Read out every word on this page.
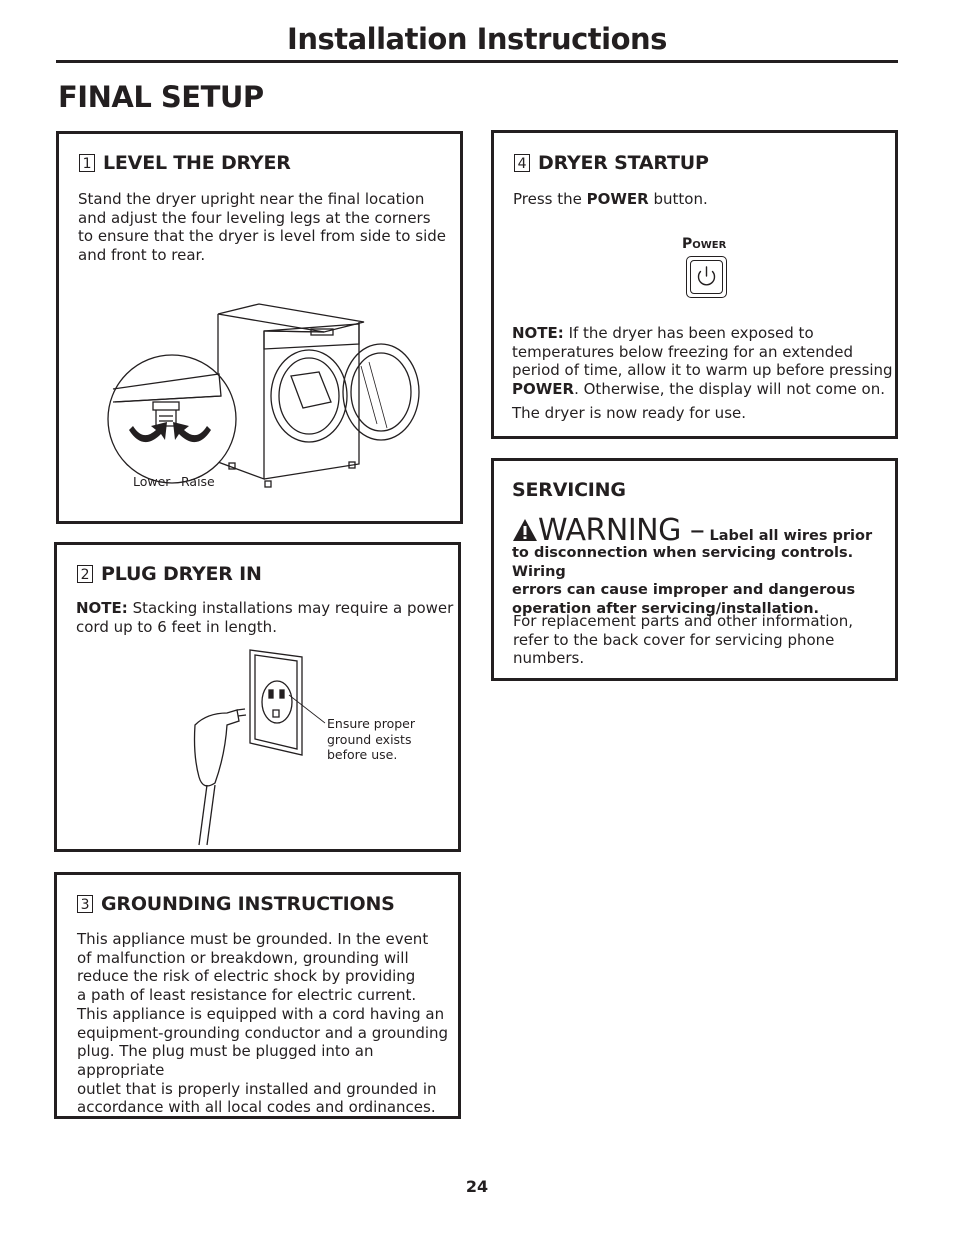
Installation Instructions
FINAL SETUP
1 LEVEL THE DRYER
Stand the dryer upright near the final location
and adjust the four leveling legs at the corners
to ensure that the dryer is level from side to side
and front to rear.
Lower Raise
2 PLUG DRYER IN
NOTE: Stacking installations may require a power
cord up to 6 feet in length.
Ensure proper
ground exists
before use.
3 GROUNDING INSTRUCTIONS
This appliance must be grounded. In the event
of malfunction or breakdown, grounding will
reduce the risk of electric shock by providing
a path of least resistance for electric current.
This appliance is equipped with a cord having an
equipment-grounding conductor and a grounding
plug. The plug must be plugged into an appropriate
outlet that is properly installed and grounded in
accordance with all local codes and ordinances.
4 DRYER STARTUP
Press the POWER button.
Power
NOTE: If the dryer has been exposed to
temperatures below freezing for an extended
period of time, allow it to warm up before pressing
POWER. Otherwise, the display will not come on.
The dryer is now ready for use.
SERVICING
WARNING – Label all wires prior
to disconnection when servicing controls. Wiring
errors can cause improper and dangerous
operation after servicing/installation.
For replacement parts and other information,
refer to the back cover for servicing phone
numbers.
24
